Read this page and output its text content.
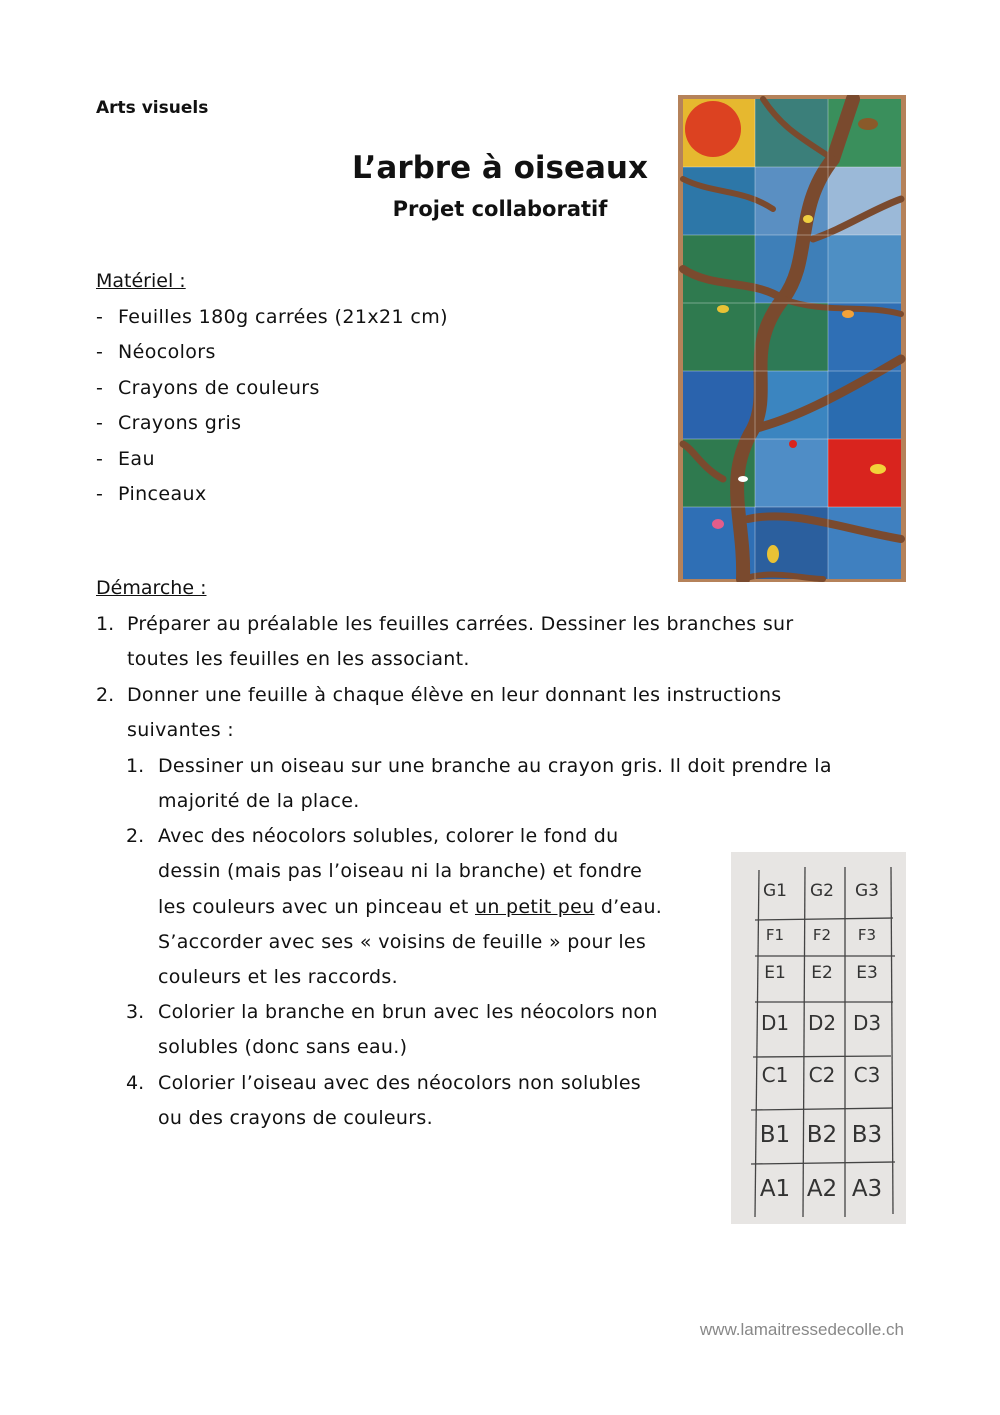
Arts visuels
L’arbre à oiseaux
Projet collaboratif
Matériel :
- Feuilles 180g carrées (21x21 cm)
- Néocolors
- Crayons de couleurs
- Crayons gris
- Eau
- Pinceaux
Démarche :
1. Préparer au préalable les feuilles carrées. Dessiner les branches sur
toutes les feuilles en les associant.
2. Donner une feuille à chaque élève en leur donnant les instructions
suivantes :
1. Dessiner un oiseau sur une branche au crayon gris. Il doit prendre la
majorité de la place.
2. Avec des néocolors solubles, colorer le fond du
dessin (mais pas l’oiseau ni la branche) et fondre
les couleurs avec un pinceau et un petit peu d’eau.
S’accorder avec ses « voisins de feuille » pour les
couleurs et les raccords.
3. Colorier la branche en brun avec les néocolors non
solubles (donc sans eau.)
4. Colorier l’oiseau avec des néocolors non solubles
ou des crayons de couleurs.
G1 G2 G3
F1 F2 F3
E1 E2 E3
D1 D2 D3
C1 C2 C3
B1 B2 B3
A1 A2 A3
www.lamaitressedecolle.ch
